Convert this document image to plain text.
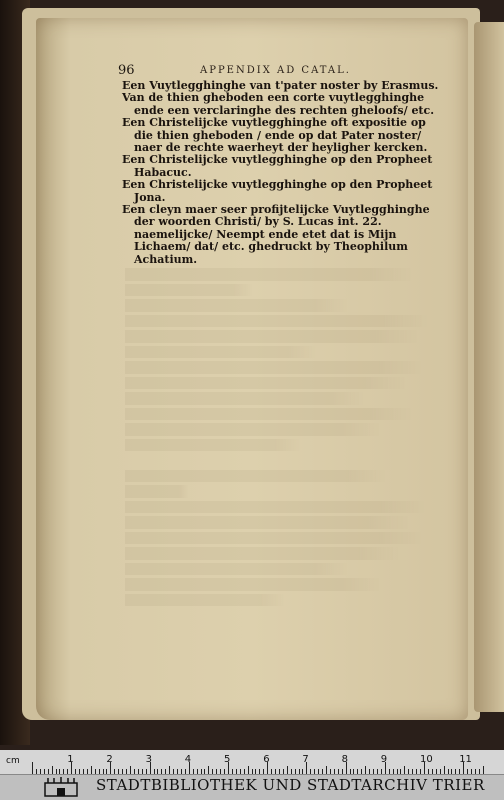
96	APPENDIX AD CATAL.

Een Vuytlegghinghe van t'pater noster by Erasmus.

Van de thien gheboden een corte vuytlegghinghe ende een verclaringhe des rechten gheloofs/ etc.

Een Christelijcke vuytlegghinghe oft expositie op die thien gheboden / ende op dat Pater noster/ naer de rechte waerheyt der heyligher kercken.

Een Christelijcke vuytlegghinghe op den Propheet Habacuc.

Een Christelijcke vuytlegghinghe op den Propheet Jona.

Een cleyn maer seer profijtelijcke Vuytlegghinghe der woorden Christi/ by S. Lucas int. 22. naemelijcke/ Neempt ende etet dat is Mijn Lichaem/ dat/ etc. ghedruckt by Theophilum Achatium.

cm	1	2	3	4	5	6	7	8	9	10	11
STADTBIBLIOTHEK UND STADTARCHIV TRIER
